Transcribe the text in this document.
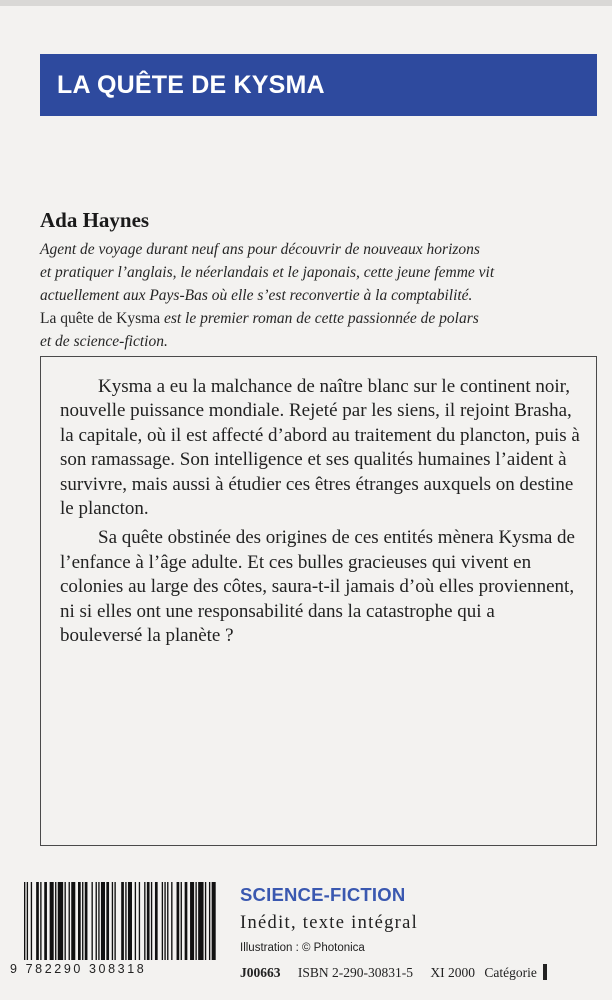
LA QUÊTE DE KYSMA
Ada Haynes
Agent de voyage durant neuf ans pour découvrir de nouveaux horizons
et pratiquer l’anglais, le néerlandais et le japonais, cette jeune femme vit
actuellement aux Pays-Bas où elle s’est reconvertie à la comptabilité.
La quête de Kysma est le premier roman de cette passionnée de polars
et de science-fiction.

Kysma a eu la malchance de naître blanc sur le continent noir, nouvelle puissance mondiale. Rejeté par les siens, il rejoint Brasha, la capitale, où il est affecté d’abord au traitement du plancton, puis à son ramassage. Son intelligence et ses qualités humaines l’aident à survivre, mais aussi à étudier ces êtres étranges auxquels on destine le plancton.

Sa quête obstinée des origines de ces entités mènera Kysma de l’enfance à l’âge adulte. Et ces bulles gracieuses qui vivent en colonies au large des côtes, saura-t-il jamais d’où elles proviennent, ni si elles ont une responsabilité dans la catastrophe qui a bouleversé la planète ?

9 782290 308318
SCIENCE-FICTION
Inédit, texte intégral
Illustration : © Photonica
J00663 ISBN 2-290-30831-5 XI 2000 Catégorie
